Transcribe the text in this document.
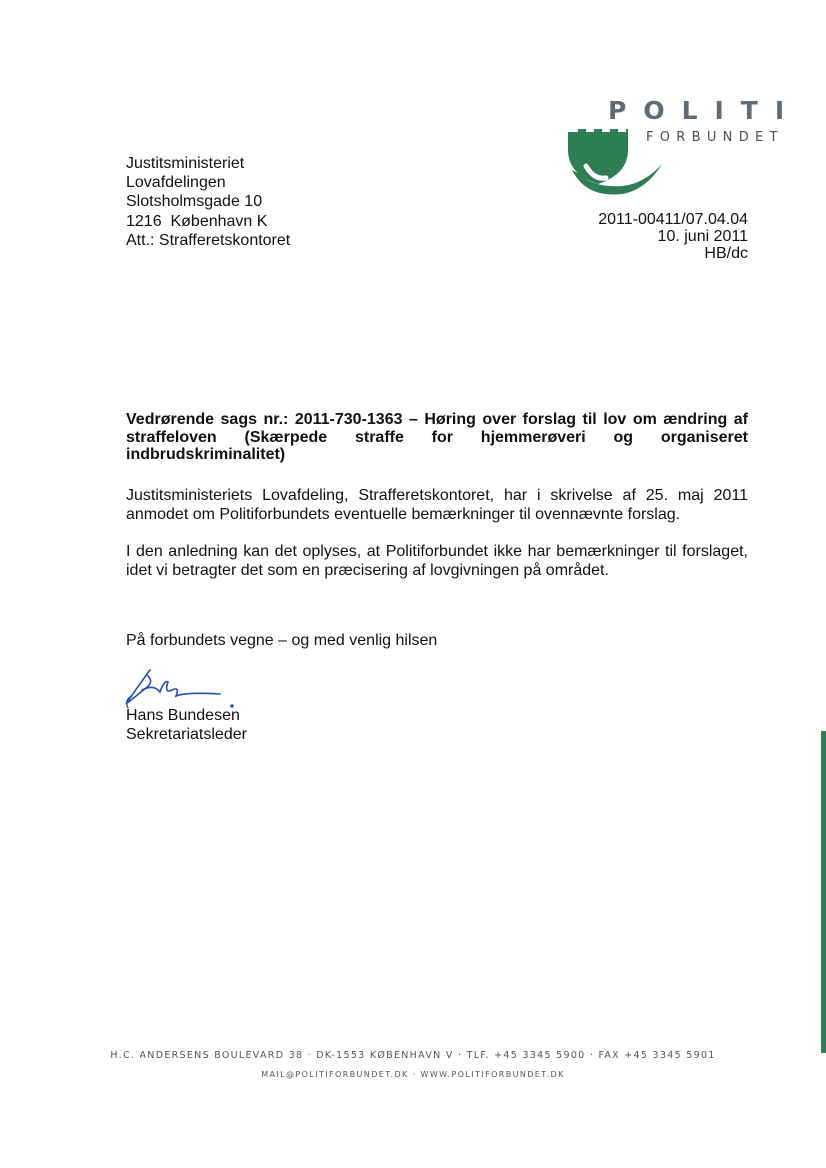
POLITI
FORBUNDET
Justitsministeriet
Lovafdelingen
Slotsholmsgade 10
1216  København K
Att.: Strafferetskontoret
2011-00411/07.04.04
10. juni 2011
HB/dc
Vedrørende sags nr.: 2011-730-1363 – Høring over forslag til lov om ændring af straffeloven (Skærpede straffe for hjemmerøveri og organiseret indbrudskriminalitet)
Justitsministeriets Lovafdeling, Strafferetskontoret, har i skrivelse af 25. maj 2011 anmodet om Politiforbundets eventuelle bemærkninger til ovennævnte forslag.
I den anledning kan det oplyses, at Politiforbundet ikke har bemærkninger til forslaget, idet vi betragter det som en præcisering af lovgivningen på området.
På forbundets vegne – og med venlig hilsen
Hans Bundesen
Sekretariatsleder
H.C. ANDERSENS BOULEVARD 38 · DK-1553 KØBENHAVN V · TLF. +45 3345 5900 · FAX +45 3345 5901
MAIL@POLITIFORBUNDET.DK · WWW.POLITIFORBUNDET.DK
